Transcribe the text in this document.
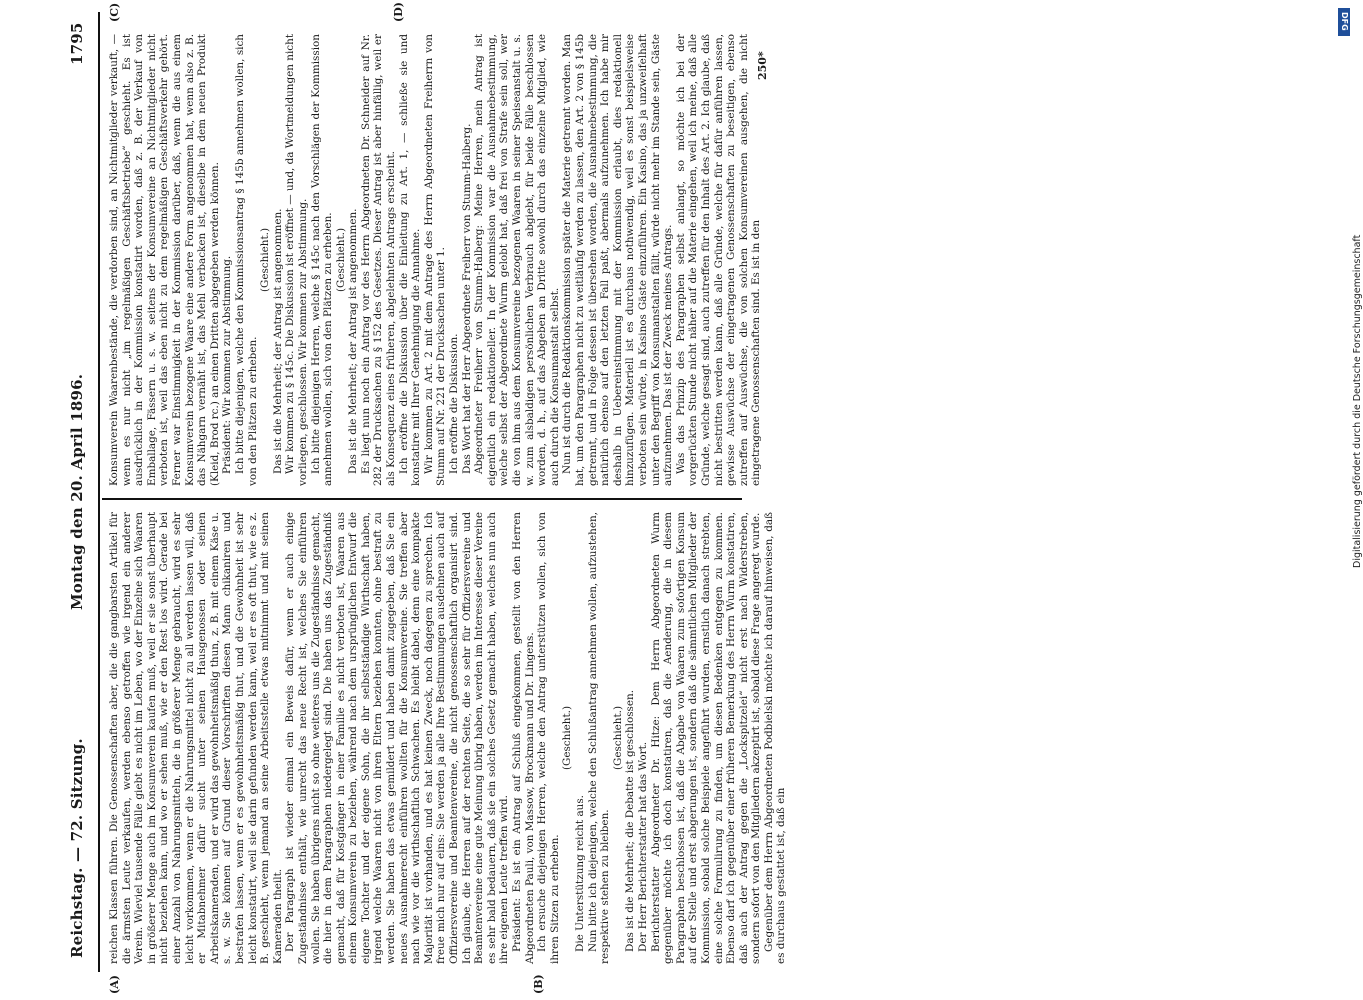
Reichstag. — 72. Sitzung.
Montag den 20. April 1896.
1795
(A)	(B)
(C)	(D)

reichen Klassen führen. Die Genossenschaften aber, die die gangbarsten Artikel für die ärmsten Leute verkaufen, werden ebenso getroffen wie irgend ein anderer Verein. Wieviel tausende Fälle giebt es nicht im Leben, wo der Einzelne sich Waaren in größerer Menge auch im Konsumverein kaufen muß, weil er sie sonst überhaupt nicht beziehen kann, und wo er sehen muß, wie er den Rest los wird. Gerade bei einer Anzahl von Nahrungsmitteln, die in größerer Menge gebraucht, wird es sehr leicht vorkommen, wenn er die Nahrungsmittel nicht zu all werden lassen will, daß er Mitabnehmer dafür sucht unter seinen Hausgenossen oder seinen Arbeitskameraden, und er wird das gewohnheitsmäßig thun, z. B. mit einem Käse u. s. w. Sie können auf Grund dieser Vorschriften diesen Mann chikaniren und bestrafen lassen, wenn er es gewohnheitsmäßig thut, und die Gewohnheit ist sehr leicht konstatirt, weil sie darin gefunden werden kann, weil er es oft thut, wie es z. B. geschieht, wenn jemand an seine Arbeitsstelle etwas mitnimmt und mit seinen Kameraden theilt. Der Paragraph ist wieder einmal ein Beweis dafür, wenn er auch einige Zugeständnisse enthält, wie unrecht das neue Recht ist, welches Sie einführen wollen. Sie haben übrigens nicht so ohne weiteres uns die Zugeständnisse gemacht, die hier in dem Paragraphen niedergelegt sind. Die haben uns das Zugeständniß gemacht, daß für Kostgänger in einer Familie es nicht verboten ist, Waaren aus einem Konsumverein zu beziehen, während nach dem ursprünglichen Entwurf die eigene Tochter und der eigene Sohn, die ihr selbstständige Wirthschaft haben, irgend welche Waaren nicht von ihren Eltern beziehen konnten, ohne bestraft zu werden. Sie haben das etwas gemildert und haben damit zugegeben, daß Sie ein neues Ausnahmerecht einführen wollten für die Konsumvereine. Sie treffen aber nach wie vor die wirthschaftlich Schwachen. Es bleibt dabei, denn eine kompakte Majorität ist vorhanden, und es hat keinen Zweck, noch dagegen zu sprechen. Ich freue mich nur auf eins: Sie werden ja alle Ihre Bestimmungen ausdehnen auch auf Offiziersvereine und Beamtenvereine, die nicht genossenschaftlich organisirt sind. Ich glaube, die Herren auf der rechten Seite, die so sehr für Offiziersvereine und Beamtenvereine eine gute Meinung übrig haben, werden im Interesse dieser Vereine es sehr bald bedauern, daß sie ein solches Gesetz gemacht haben, welches nun auch ihre eigenen Leute treffen wird. Präsident: Es ist ein Antrag auf Schluß eingekommen, gestellt von den Herren Abgeordneten Pauli, von Massow, Brockmann und Dr. Lingens. Ich ersuche diejenigen Herren, welche den Antrag unterstützen wollen, sich von ihren Sitzen zu erheben.

(Geschieht.)

Die Unterstützung reicht aus. Nun bitte ich diejenigen, welche den Schlußantrag annehmen wollen, aufzustehen, respektive stehen zu bleiben.

(Geschieht.) Das ist die Mehrheit; die Debatte ist geschlossen. Der Herr Berichterstatter hat das Wort. Berichterstatter Abgeordneter Dr. Hitze: Dem Herrn Abgeordneten Wurm gegenüber möchte ich doch konstatiren, daß die Aenderung, die in diesem Paragraphen beschlossen ist, daß die Abgabe von Waaren zum sofortigen Konsum auf der Stelle und erst abgerungen ist, sondern daß die sämmtlichen Mitglieder der Kommission, sobald solche Beispiele angeführt wurden, ernstlich danach strebten, eine solche Formulirung zu finden, um diesen Bedenken entgegen zu kommen. Ebenso darf ich gegenüber einer früheren Bemerkung des Herrn Wurm konstatiren, daß auch der Antrag gegen die „Lockspitzelei“ nicht erst nach Widerstreben, sondern sofort von den Mitgliedern akzeptirt ist, sobald diese Frage angeregt wurde. Gegenüber dem Herrn Abgeordneten Podbielski möchte ich darauf hinweisen, daß es durchaus gestattet ist, daß ein

Konsumverein Waarenbestände, die verdorben sind, an Nichtmitglieder verkauft, — wenn es nur nicht „im regelmäßigen Geschäftsbetriebe“ geschieht. Es ist ausdrücklich in der Kommission konstatirt worden, daß z. B. der Verkauf von Emballage, Fässern u. s. w. seitens der Konsumvereine an Nichtmitglieder nicht verboten ist, weil das eben nicht zu dem regelmäßigen Geschäftsverkehr gehört. Ferner war Einstimmigkeit in der Kommission darüber, daß, wenn die aus einem Konsumverein bezogene Waare eine andere Form angenommen hat, wenn also z. B. das Nähgarn vernäht ist, das Mehl verbacken ist, dieselbe in dem neuen Produkt (Kleid, Brod rc.) an einen Dritten abgegeben werden können. Präsident: Wir kommen zur Abstimmung. Ich bitte diejenigen, welche den Kommissionsantrag § 145b annehmen wollen, sich von den Plätzen zu erheben.

(Geschieht.) Das ist die Mehrheit; der Antrag ist angenommen. Wir kommen zu § 145c. Die Diskussion ist eröffnet — und, da Wortmeldungen nicht vorliegen, geschlossen. Wir kommen zur Abstimmung. Ich bitte diejenigen Herren, welche § 145c nach den Vorschlägen der Kommission annehmen wollen, sich von den Plätzen zu erheben. (Geschieht.) Das ist die Mehrheit; der Antrag ist angenommen. Es liegt nun noch ein Antrag vor des Herrn Abgeordneten Dr. Schneider auf Nr. 282 der Drucksachen zu § 152 des Gesetzes. Dieser Antrag ist aber hinfällig, weil er als Konsequenz eines früheren, abgelehnten Antrags erscheint. Ich eröffne die Diskussion über die Einleitung zu Art. 1, — schließe sie und konstatire mit Ihrer Genehmigung die Annahme. Wir kommen zu Art. 2 mit dem Antrage des Herrn Abgeordneten Freiherrn von Stumm auf Nr. 221 der Drucksachen unter 1. Ich eröffne die Diskussion. Das Wort hat der Herr Abgeordnete Freiherr von Stumm-Halberg. Abgeordneter Freiherr von Stumm-Halberg: Meine Herren, mein Antrag ist eigentlich ein redaktioneller. In der Kommission war die Ausnahmebestimmung, welche selbst der Abgeordnete Wurm gelobt hat, daß frei von Strafe sein soll, wer die von ihm aus dem Konsumvereine bezogenen Waaren in seiner Speiseanstalt u. s. w. zum alsbaldigen persönlichen Verbrauch abgiebt, für beide Fälle beschlossen worden, d. h., auf das Abgeben an Dritte sowohl durch das einzelne Mitglied, wie auch durch die Konsumanstalt selbst. Nun ist durch die Redaktionskommission später die Materie getrennt worden. Man hat, um den Paragraphen nicht zu weitläufig werden zu lassen, den Art. 2 von § 145b getrennt, und in Folge dessen ist übersehen worden, die Ausnahmebestimmung, die natürlich ebenso auf den letzten Fall paßt, abermals aufzunehmen. Ich habe mir deshalb in Uebereinstimmung mit der Kommission erlaubt, dies redaktionell hinzuzufügen. Materiell ist es durchaus nothwendig, weil es sonst beispielsweise verboten sein würde, in Kasinos Gäste einzuführen. Ein Kasino, das ja unzweifelhaft unter den Begriff von Konsumanstalten fällt, würde nicht mehr im Stande sein, Gäste aufzunehmen. Das ist der Zweck meines Antrags. Was das Prinzip des Paragraphen selbst anlangt, so möchte ich bei der vorgerückten Stunde nicht näher auf die Materie eingehen, weil ich meine, daß alle Gründe, welche gesagt sind, auch zutreffen für den Inhalt des Art. 2. Ich glaube, daß nicht bestritten werden kann, daß alle Gründe, welche für dafür anführen lassen, gewisse Auswüchse der eingetragenen Genossenschaften zu beseitigen, ebenso zutreffen auf Auswüchse, die von solchen Konsumvereinen ausgehen, die nicht eingetragene Genossenschaften sind. Es ist in den

250*
DFG
Digitalisierung gefördert durch die Deutsche Forschungsgemeinschaft
